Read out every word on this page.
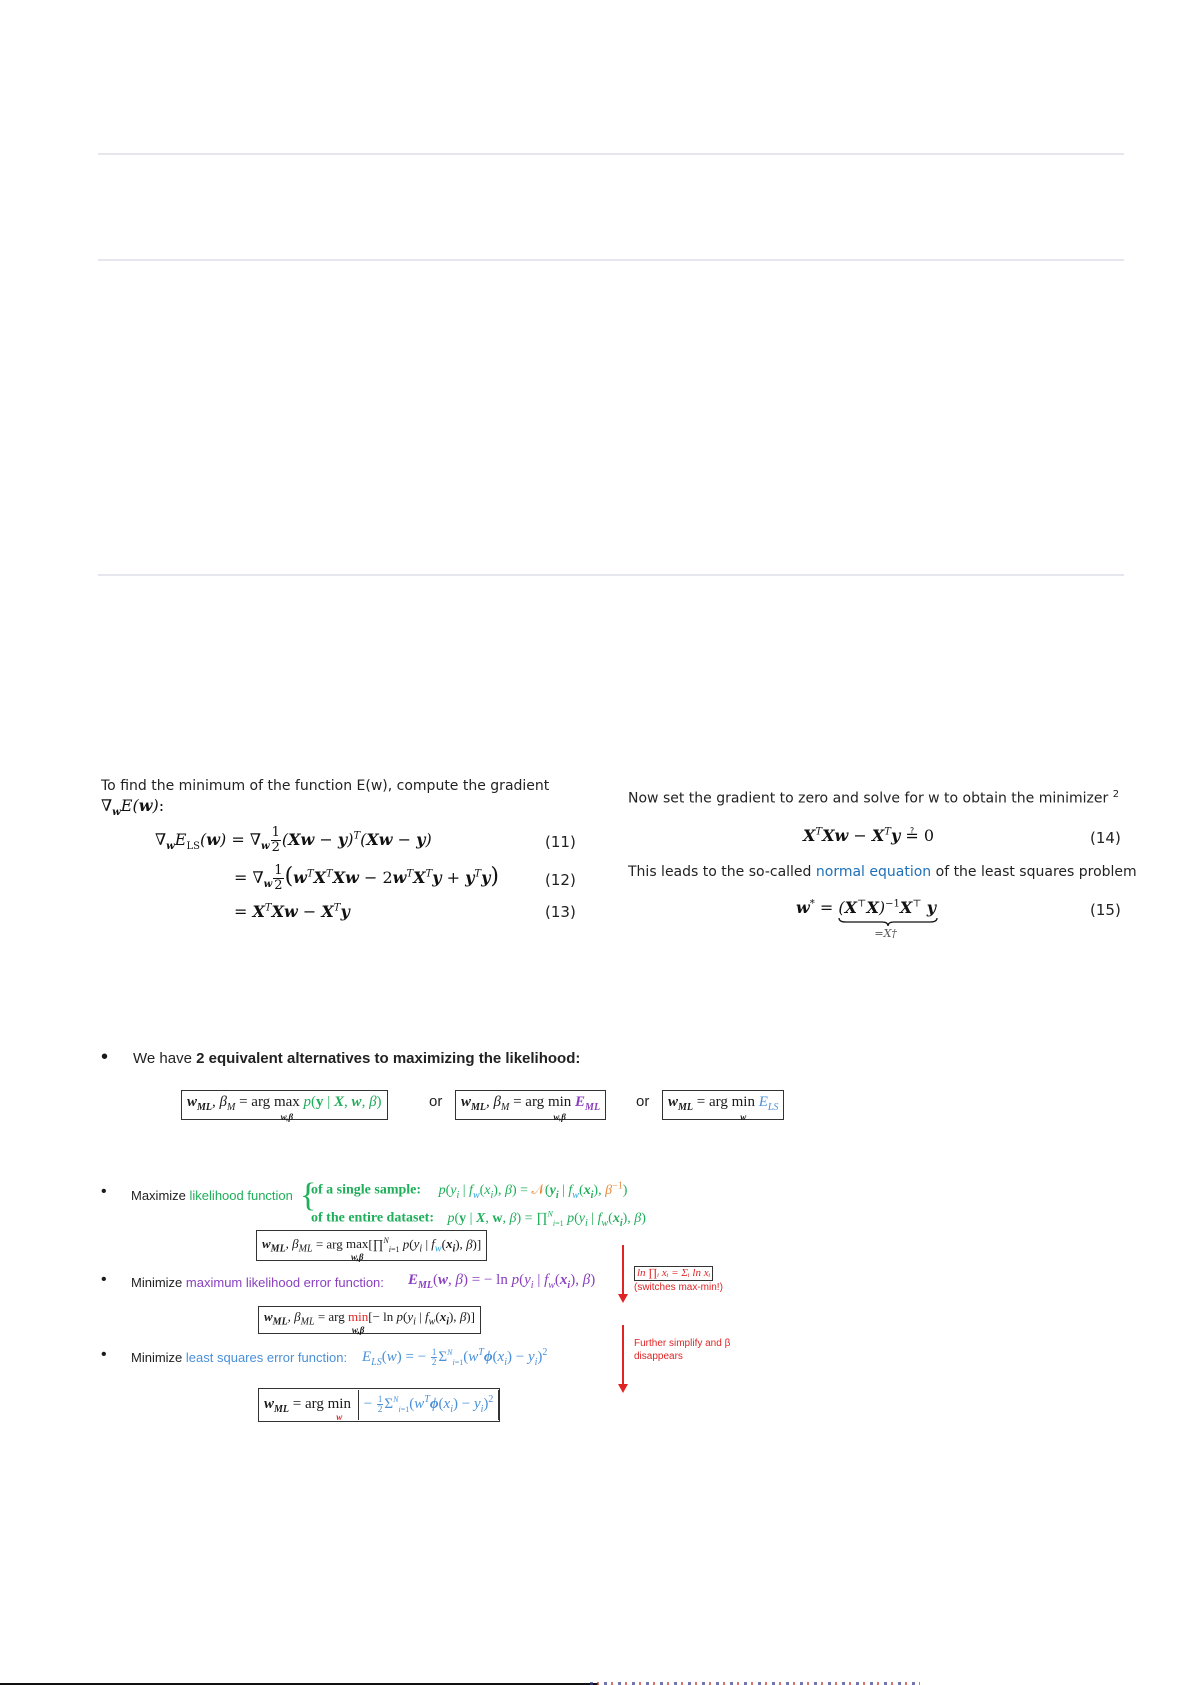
To find the minimum of the function E(w), compute the gradient
$\nabla_wE(w)$:
$\nabla_wE_{LS}(w) = \nabla_w \frac{1}{2} (Xw - y)^T(Xw - y)$	(11)
= $\nabla_w \frac{1}{2} (w^TX^TXw - 2w^TX^Ty + y^Ty)$	(12)
= $X^TXw - X^Ty$	(13)
Now set the gradient to zero and solve for w to obtain the minimizer $^2$
$X^TXw - X^Ty$ ≟ 0	(14)
This leads to the so-called normal equation of the least squares problem
$w^* = (X^⊤X)^{-1}X^⊤$
=X†
y	(15)
• We have 2 equivalent alternatives to maximizing the likelihood:
$w_{ML}$, $\beta_M$ = arg max
w,β
p(y | X, w, β)	or	$w_{ML}$, $\beta_M$ = arg min
w,β
$E_{ML}$	or	$w_{ML}$ = arg min
w
$E_{LS}$
• Maximize likelihood function {
of a single sample: $p(y_i$ | $f_w(x_i)$, $\beta) = 𝒩(y_i$ | $f_w(x_i)$, $\beta^{-1}$)
of the entire dataset: p(y | X, w, β) = ∏$^N_{i=1}$ $p(y_i$ | $f_w(x_i)$, β)
$w_{ML}$, $\beta_{ML}$ = arg max
w,β
[∏$^N_{i=1}$ $p(y_i$ | $f_w(x_i)$, β)]
• Minimize maximum likelihood error function: $E_{ML}(w$, β) = − $\ln p(y_i$ | $f_w(x_i)$, β)
$w_{ML}$, $\beta_{ML}$ = arg min
w,β
[− $\ln p(y_i$ | $f_w(x_i)$, β)]
• Minimize least squares error function: $E_{LS}(w)$ = − $\frac{1}{2} \Sigma^N_{i=1}(w^T\phi(x_i) - y_i)^2$
$w_{ML}$ = arg min
w
− $\frac{1}{2} \Sigma^N_{i=1}(w^T\phi(x_i) - y_i)^2$
ln ∏ᵢ xᵢ = Σᵢ ln xᵢ
(switches max-min!)
Further simplify and β
disappears
